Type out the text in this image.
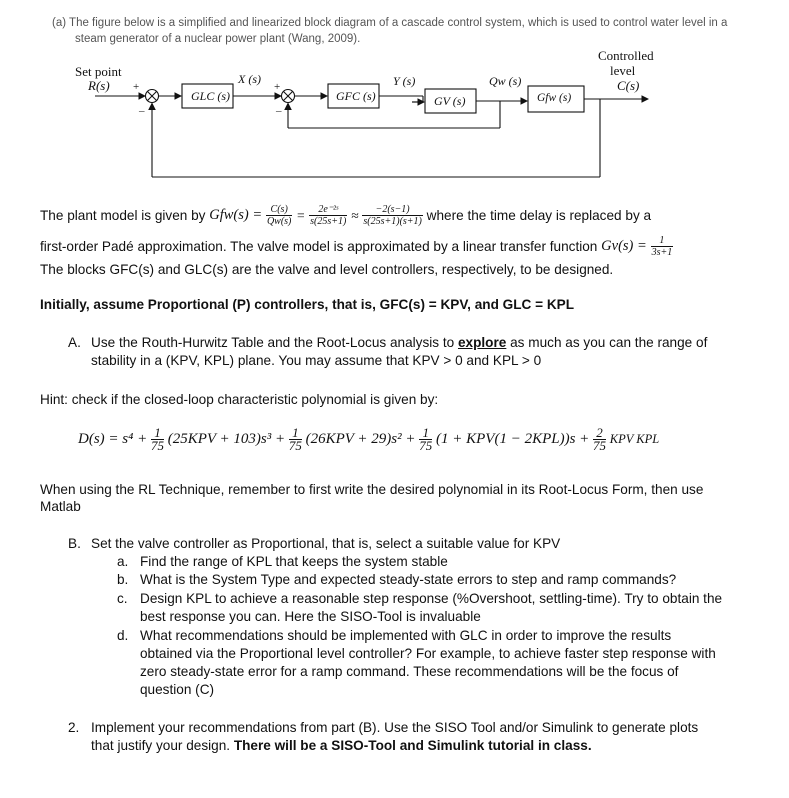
(a) The figure below is a simplified and linearized block diagram of a cascade control system, which is used to control water level in a
steam generator of a nuclear power plant (Wang, 2009).
Set point
R(s) +
–
+
–
GLC (s)
X (s)
GFC (s)
Y (s)
GV (s)
Qw (s)
Gfw (s)
Controlled
level
C(s)
The plant model is given by $Gfw(s) = \frac{C(s)}{Qw(s)} = \frac{\text{2e⁻²ˢ}}{s(25s+1)} \approx \frac{-2(s-1)}{s(25s+1)(s+1)}$ where the time delay is replaced by a
first-order Padé approximation. The valve model is approximated by a linear transfer function $Gv(s) = \frac{1}{3s+1}$
The blocks GFC(s) and GLC(s) are the valve and level controllers, respectively, to be designed.
Initially, assume Proportional (P) controllers, that is, GFC(s) = KPV, and GLC = KPL
A. Use the Routh-Hurwitz Table and the Root-Locus analysis to explore as much as you can the range of
stability in a (KPV, KPL) plane. You may assume that KPV > 0 and KPL > 0
Hint: check if the closed-loop characteristic polynomial is given by:
$D(s) = s^4 + \frac{1}{75} (25KPV + 103)s^3 + \frac{1}{75} (26KPV + 29)s^2 + \frac{1}{75} (1 + KPV(1 - 2KPL))s + \frac{2}{75}$ KPV KPL
When using the RL Technique, remember to first write the desired polynomial in its Root-Locus Form, then use
Matlab
B. Set the valve controller as Proportional, that is, select a suitable value for KPV
a. Find the range of KPL that keeps the system stable
b. What is the System Type and expected steady-state errors to step and ramp commands?
c. Design KPL to achieve a reasonable step response (%Overshoot, settling-time). Try to obtain the
best response you can. Here the SISO-Tool is invaluable
d. What recommendations should be implemented with GLC in order to improve the results
obtained via the Proportional level controller? For example, to achieve faster step response with
zero steady-state error for a ramp command. These recommendations will be the focus of
question (C)
2. Implement your recommendations from part (B). Use the SISO Tool and/or Simulink to generate plots
that justify your design. There will be a SISO-Tool and Simulink tutorial in class.
